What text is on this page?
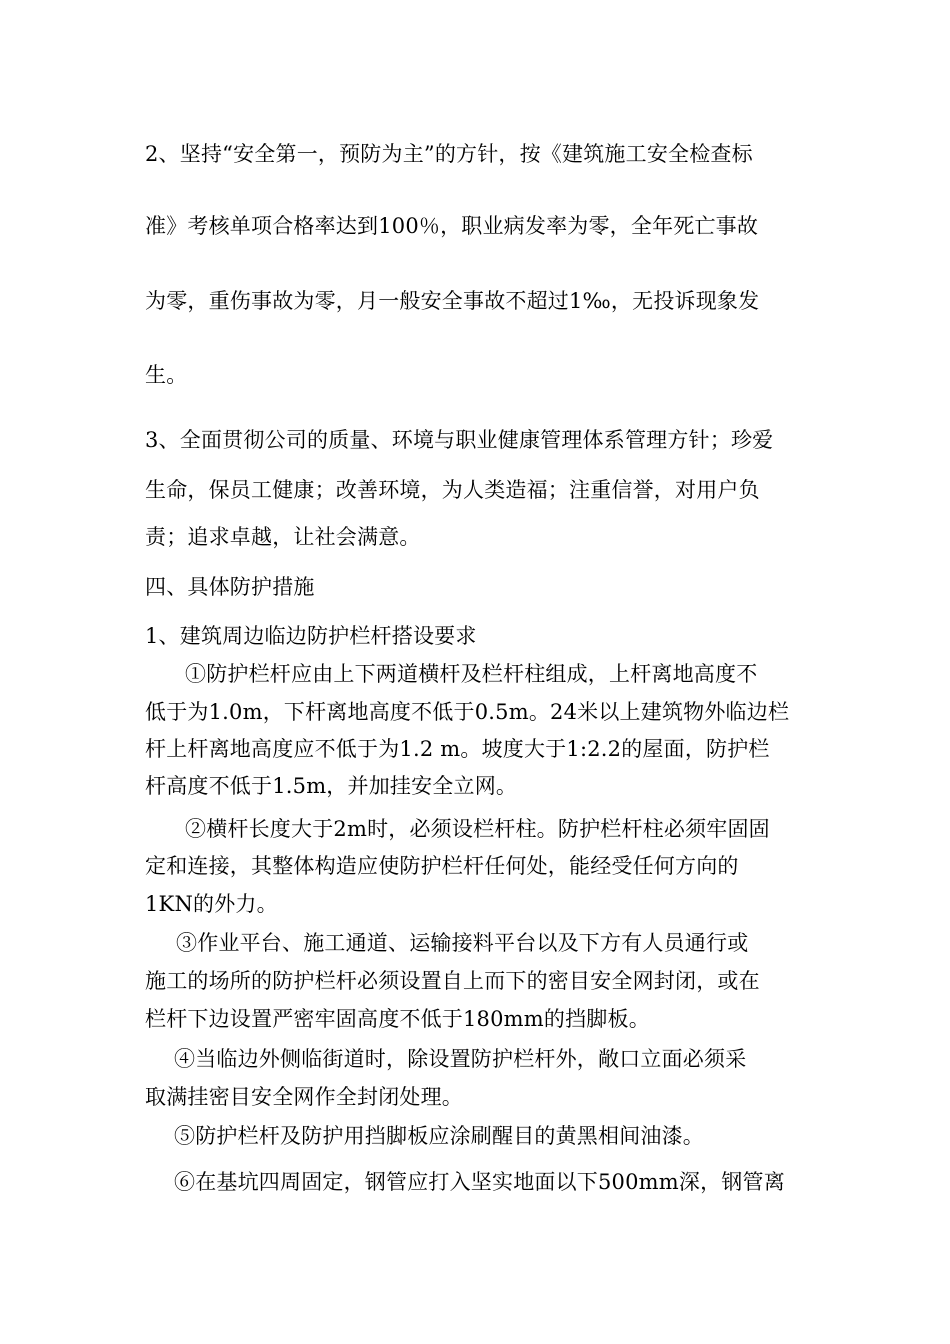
2、坚持“安全第一，预防为主”的方针，按《建筑施工安全检查标
准》考核单项合格率达到100％，职业病发率为零，全年死亡事故
为零，重伤事故为零，月一般安全事故不超过1‰，无投诉现象发
生。
3、全面贯彻公司的质量、环境与职业健康管理体系管理方针；珍爱
生命，保员工健康；改善环境，为人类造福；注重信誉，对用户负
责；追求卓越，让社会满意。
四、具体防护措施
1、建筑周边临边防护栏杆搭设要求
①防护栏杆应由上下两道横杆及栏杆柱组成，上杆离地高度不
低于为1.0m，下杆离地高度不低于0.5m。24米以上建筑物外临边栏
杆上杆离地高度应不低于为1.2 m。坡度大于1:2.2的屋面，防护栏
杆高度不低于1.5m，并加挂安全立网。
②横杆长度大于2m时，必须设栏杆柱。防护栏杆柱必须牢固固
定和连接，其整体构造应使防护栏杆任何处，能经受任何方向的
1KN的外力。
③作业平台、施工通道、运输接料平台以及下方有人员通行或
施工的场所的防护栏杆必须设置自上而下的密目安全网封闭，或在
栏杆下边设置严密牢固高度不低于180mm的挡脚板。
④当临边外侧临街道时，除设置防护栏杆外，敞口立面必须采
取满挂密目安全网作全封闭处理。
⑤防护栏杆及防护用挡脚板应涂刷醒目的黄黑相间油漆。
⑥在基坑四周固定，钢管应打入坚实地面以下500mm深，钢管离
